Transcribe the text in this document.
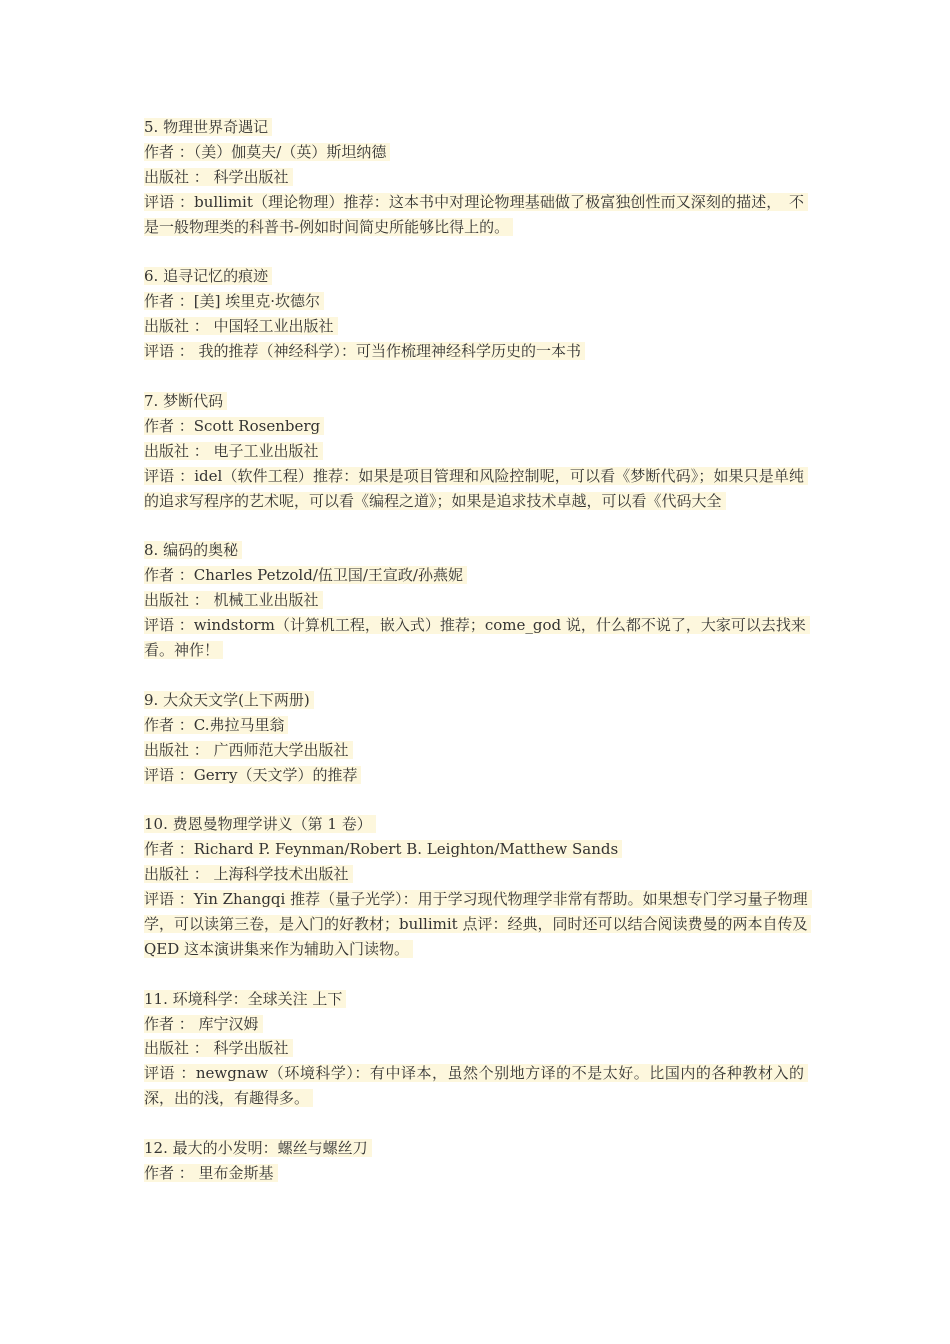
5. 物理世界奇遇记
作者 ：（美）伽莫夫/（英）斯坦纳德
出版社 ： 科学出版社
评语 ：bullimit（理论物理）推荐：这本书中对理论物理基础做了极富独创性而又深刻的描述，　不是一般物理类的科普书-例如时间简史所能够比得上的。
6. 追寻记忆的痕迹
作者 ：[美] 埃里克·坎德尔
出版社 ： 中国轻工业出版社
评语 ： 我的推荐（神经科学）：可当作梳理神经科学历史的一本书
7. 梦断代码
作者 ：Scott Rosenberg
出版社 ： 电子工业出版社
评语 ：idel（软件工程）推荐：如果是项目管理和风险控制呢，可以看《梦断代码》；如果只是单纯的追求写程序的艺术呢，可以看《编程之道》；如果是追求技术卓越，可以看《代码大全
8. 编码的奥秘
作者 ：Charles Petzold/伍卫国/王宣政/孙燕妮
出版社 ： 机械工业出版社
评语 ：windstorm（计算机工程，嵌入式）推荐；come_god 说，什么都不说了，大家可以去找来看。神作！
9. 大众天文学(上下两册)
作者 ：C.弗拉马里翁
出版社 ： 广西师范大学出版社
评语 ：Gerry（天文学）的推荐
10. 费恩曼物理学讲义（第 1 卷）
作者 ：Richard P. Feynman/Robert B. Leighton/Matthew Sands
出版社 ： 上海科学技术出版社
评语 ：Yin Zhangqi 推荐（量子光学）：用于学习现代物理学非常有帮助。如果想专门学习量子物理学，可以读第三卷，是入门的好教材；bullimit 点评：经典，同时还可以结合阅读费曼的两本自传及 QED 这本演讲集来作为辅助入门读物。
11. 环境科学：全球关注 上下
作者 ： 库宁汉姆
出版社 ： 科学出版社
评语 ：newgnaw（环境科学）：有中译本，虽然个别地方译的不是太好。比国内的各种教材入的深，出的浅，有趣得多。
12. 最大的小发明：螺丝与螺丝刀
作者 ： 里布金斯基
